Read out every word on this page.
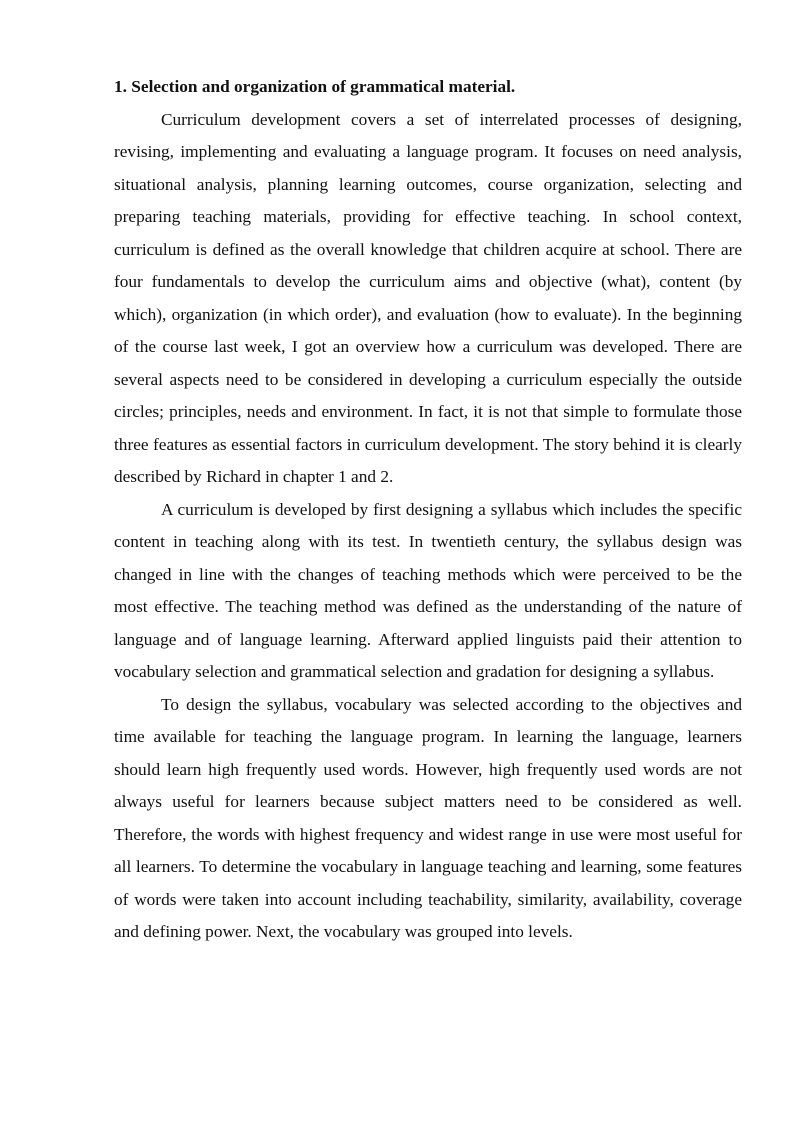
1. Selection and organization of grammatical material.

Curriculum development covers a set of interrelated processes of designing, revising, implementing and evaluating a language program. It focuses on need analysis, situational analysis, planning learning outcomes, course organization, selecting and preparing teaching materials, providing for effective teaching. In school context, curriculum is defined as the overall knowledge that children acquire at school. There are four fundamentals to develop the curriculum aims and objective (what), content (by which), organization (in which order), and evaluation (how to evaluate). In the beginning of the course last week, I got an overview how a curriculum was developed. There are several aspects need to be considered in developing a curriculum especially the outside circles; principles, needs and environment. In fact, it is not that simple to formulate those three features as essential factors in curriculum development. The story behind it is clearly described by Richard in chapter 1 and 2.

A curriculum is developed by first designing a syllabus which includes the specific content in teaching along with its test. In twentieth century, the syllabus design was changed in line with the changes of teaching methods which were perceived to be the most effective. The teaching method was defined as the understanding of the nature of language and of language learning. Afterward applied linguists paid their attention to vocabulary selection and grammatical selection and gradation for designing a syllabus.

To design the syllabus, vocabulary was selected according to the objectives and time available for teaching the language program. In learning the language, learners should learn high frequently used words. However, high frequently used words are not always useful for learners because subject matters need to be considered as well. Therefore, the words with highest frequency and widest range in use were most useful for all learners. To determine the vocabulary in language teaching and learning, some features of words were taken into account including teachability, similarity, availability, coverage and defining power. Next, the vocabulary was grouped into levels.
